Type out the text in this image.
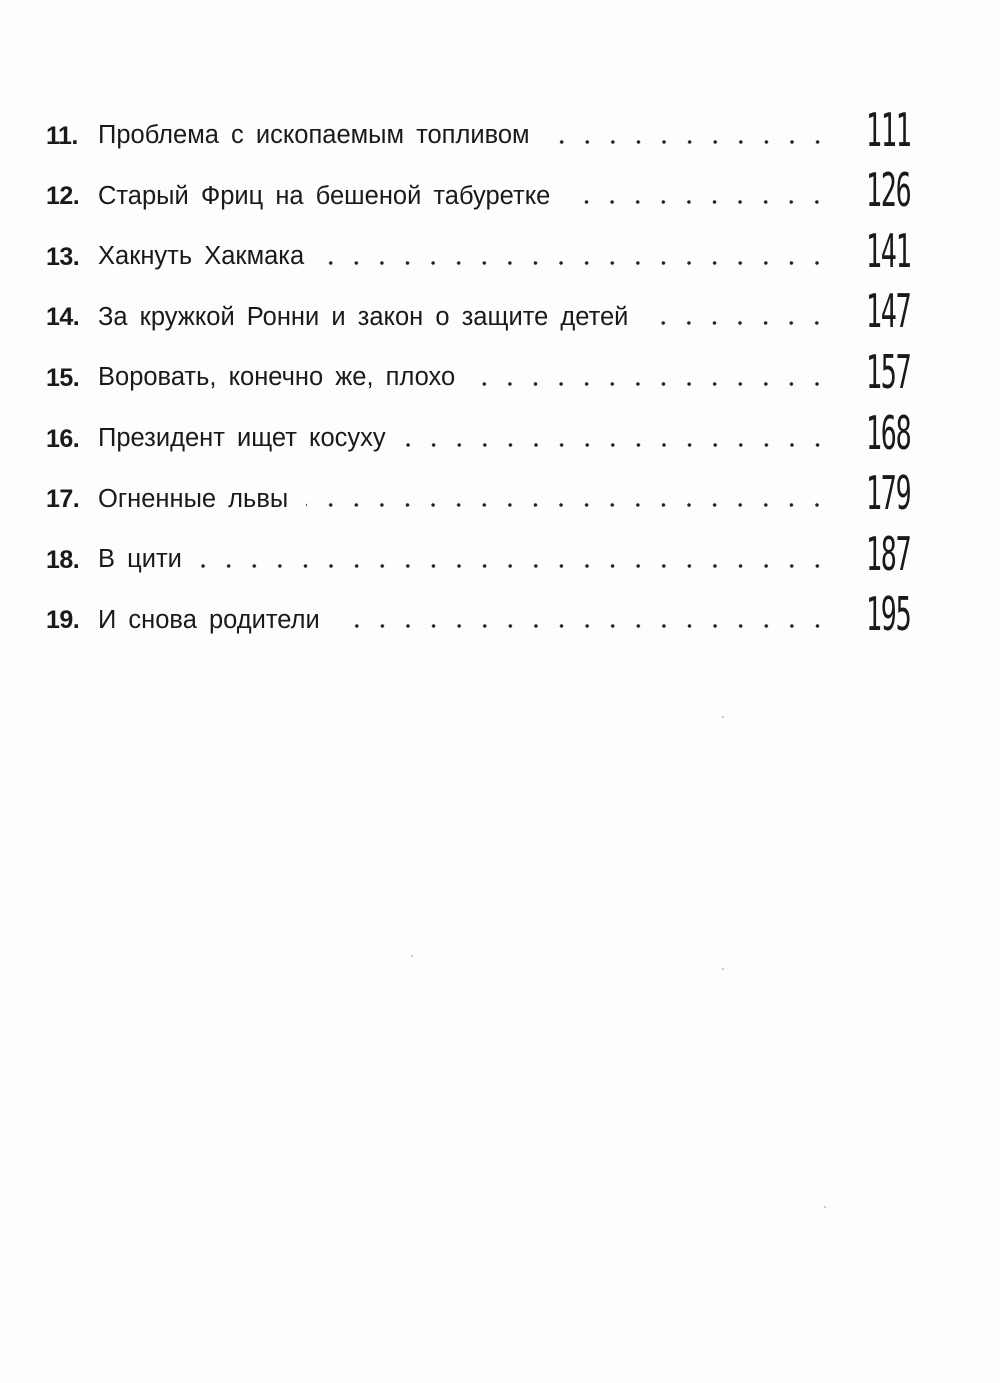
11. Проблема с ископаемым топливом	111
12. Старый Фриц на бешеной табуретке	126
13. Хакнуть Хакмака	141
14. За кружкой Ронни и закон о защите детей	147
15. Воровать, конечно же, плохо	157
16. Президент ищет косуху	168
17. Огненные львы	179
18. В цити	187
19. И снова родители	195
